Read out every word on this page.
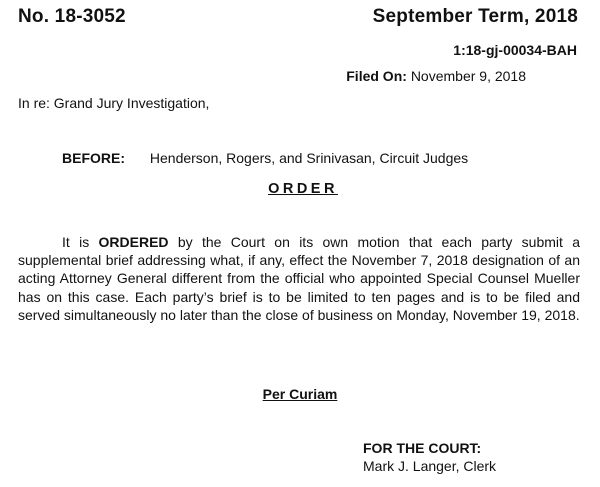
No. 18-3052	September Term, 2018
1:18-gj-00034-BAH
Filed On: November 9, 2018
In re: Grand Jury Investigation,
BEFORE: Henderson, Rogers, and Srinivasan, Circuit Judges
ORDER
It is ORDERED by the Court on its own motion that each party submit a supplemental brief addressing what, if any, effect the November 7, 2018 designation of an acting Attorney General different from the official who appointed Special Counsel Mueller has on this case. Each party’s brief is to be limited to ten pages and is to be filed and served simultaneously no later than the close of business on Monday, November 19, 2018.
Per Curiam
FOR THE COURT:
Mark J. Langer, Clerk
